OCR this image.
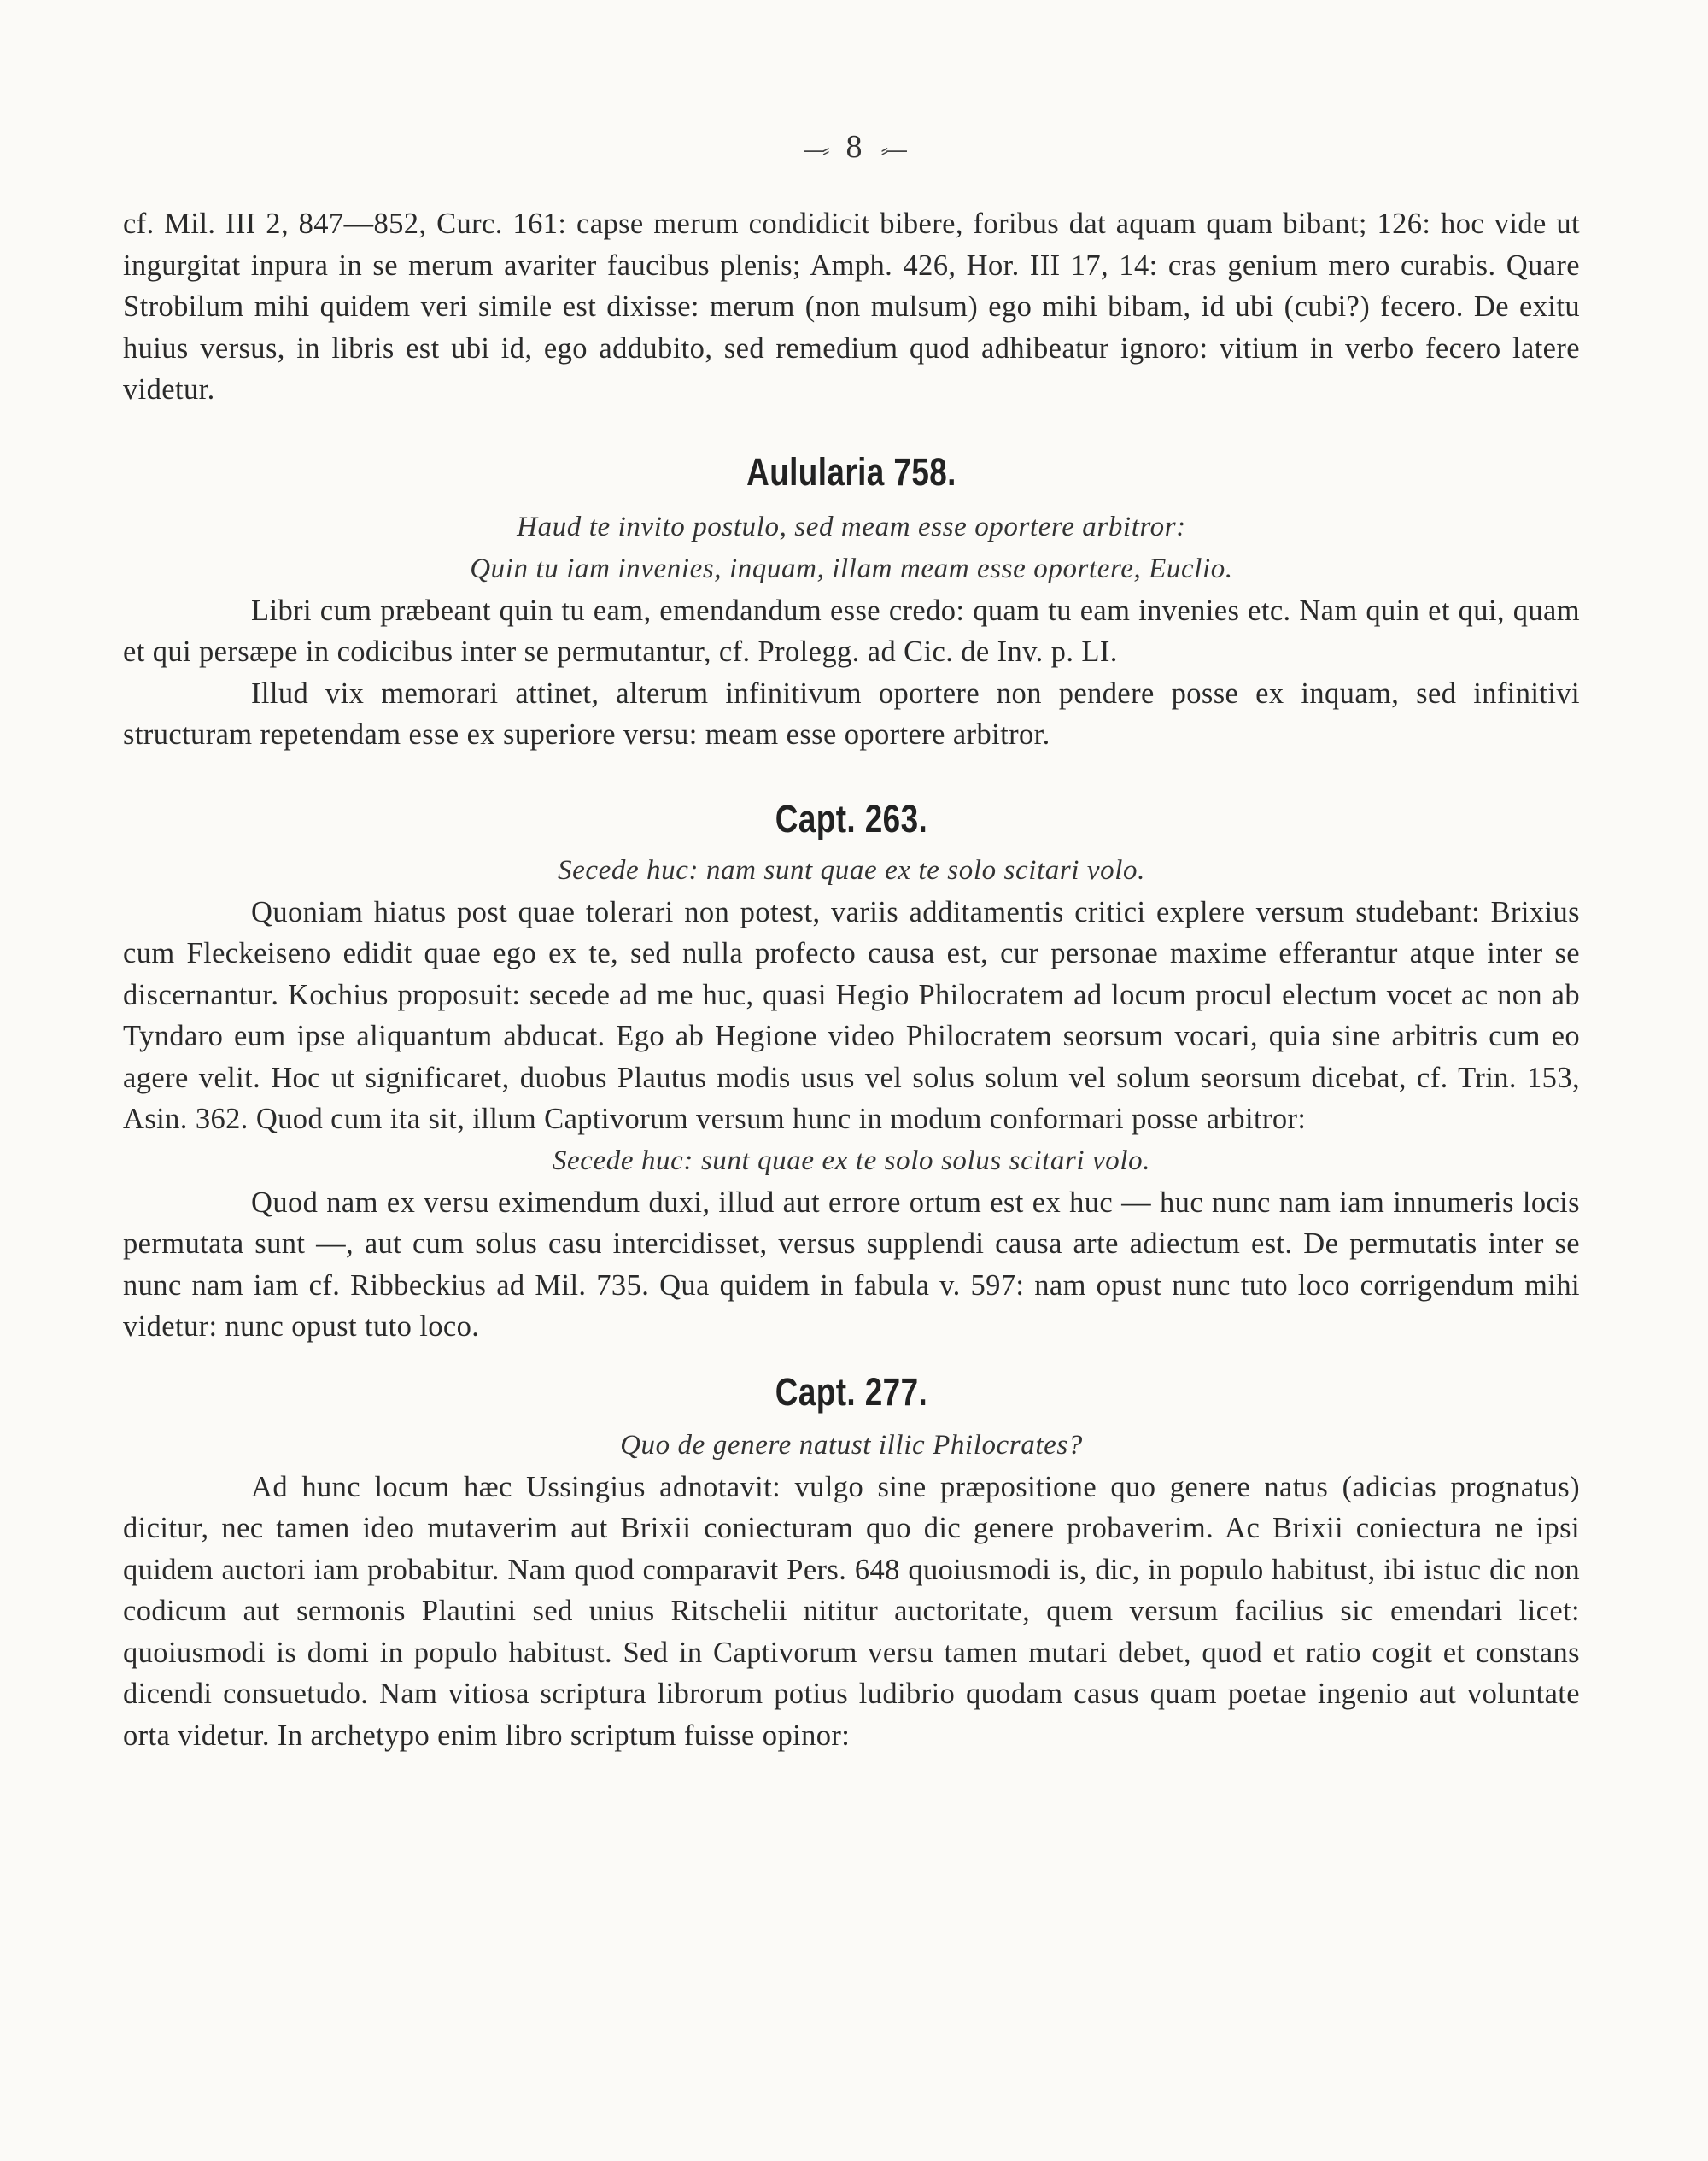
—⸗ 8 ⸗—

cf. Mil. III 2, 847—852, Curc. 161: capse merum condidicit bibere, foribus dat aquam quam bibant; 126: hoc vide ut ingurgitat inpura in se merum avariter faucibus plenis; Amph. 426, Hor. III 17, 14: cras genium mero curabis. Quare Strobilum mihi quidem veri simile est dixisse: merum (non mulsum) ego mihi bibam, id ubi (cubi?) fecero. De exitu huius versus, in libris est ubi id, ego addubito, sed remedium quod adhibeatur ignoro: vitium in verbo fecero latere videtur.

Aulularia 758.

Haud te invito postulo, sed meam esse oportere arbitror:

Quin tu iam invenies, inquam, illam meam esse oportere, Euclio.

Libri cum præbeant quin tu eam, emendandum esse credo: quam tu eam invenies etc. Nam quin et qui, quam et qui persæpe in codicibus inter se permutantur, cf. Prolegg. ad Cic. de Inv. p. LI.

Illud vix memorari attinet, alterum infinitivum oportere non pendere posse ex inquam, sed infinitivi structuram repetendam esse ex superiore versu: meam esse oportere arbitror.

Capt. 263.

Secede huc: nam sunt quae ex te solo scitari volo.

Quoniam hiatus post quae tolerari non potest, variis additamentis critici explere versum studebant: Brixius cum Fleckeiseno edidit quae ego ex te, sed nulla profecto causa est, cur personae maxime efferantur atque inter se discernantur. Kochius proposuit: secede ad me huc, quasi Hegio Philocratem ad locum procul electum vocet ac non ab Tyndaro eum ipse aliquantum abducat. Ego ab Hegione video Philocratem seorsum vocari, quia sine arbitris cum eo agere velit. Hoc ut significaret, duobus Plautus modis usus vel solus solum vel solum seorsum dicebat, cf. Trin. 153, Asin. 362. Quod cum ita sit, illum Captivorum versum hunc in modum conformari posse arbitror:

Secede huc: sunt quae ex te solo solus scitari volo.

Quod nam ex versu eximendum duxi, illud aut errore ortum est ex huc — huc nunc nam iam innumeris locis permutata sunt —, aut cum solus casu intercidisset, versus supplendi causa arte adiectum est. De permutatis inter se nunc nam iam cf. Ribbeckius ad Mil. 735. Qua quidem in fabula v. 597: nam opust nunc tuto loco corrigendum mihi videtur: nunc opust tuto loco.

Capt. 277.

Quo de genere natust illic Philocrates?

Ad hunc locum hæc Ussingius adnotavit: vulgo sine præpositione quo genere natus (adicias prognatus) dicitur, nec tamen ideo mutaverim aut Brixii coniecturam quo dic genere probaverim. Ac Brixii coniectura ne ipsi quidem auctori iam probabitur. Nam quod comparavit Pers. 648 quoiusmodi is, dic, in populo habitust, ibi istuc dic non codicum aut sermonis Plautini sed unius Ritschelii nititur auctoritate, quem versum facilius sic emendari licet: quoiusmodi is domi in populo habitust. Sed in Captivorum versu tamen mutari debet, quod et ratio cogit et constans dicendi consuetudo. Nam vitiosa scriptura librorum potius ludibrio quodam casus quam poetae ingenio aut voluntate orta videtur. In archetypo enim libro scriptum fuisse opinor:
